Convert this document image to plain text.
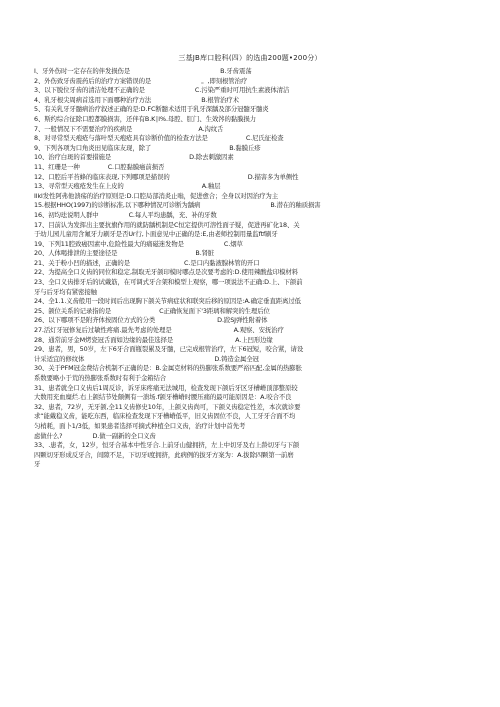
三基JB库口腔科(四）的选曲200题•200分）
I、牙外伤时一定存在的伴发损伤是	B.牙齿震荡
2、外伤致牙齿震药后的治疗方案错误的是	。,即刻根管治疗
3、以下脱位牙齿的清洁处理不正确的是	C.污染严重时可用抗生素液体清洁
4、乳牙根尖周病首选用下面哪种治疗方法	B.根管治疗术
5、有关乳牙牙髓病治疗叙述正确的是:D.FC断髓术适用于乳牙深龋及部分冠髓牙髓炎
6、斯约综合征除口腔都膜损害，还伴有B.K∣l%.母腔、肛门、生效涔的黏膜损力
7、一般情况下不需要治疗的疾病是	A.沟纹舌
8、对寻常型天疱疮与落叶型天疱疮具有诊断价值的检查方法是	C.尼氏征检查
9、下列各项为口角炎田见临床友现，除了	B.黏膜丘疹
10、治疗白斑的首要措施是	D.除去刺激因素
11、红珊是一种	C.口腔黏膜癌前损否
12、口腔后平苔蜂的临床表现,下列哪项是描误的	D.描害多为单侧性
13、寻常型天疱疮发生在上皮的	A.釉层
Ilkl发性阿弗他溃疡的治疗原则是:D.口腔局部消炎止嗡，促进愈合；全身以对因治疗为主
15.根据HHO(1997)的诊断标准,以下哪种情况可诊断为龋病	B.潜在的釉质损害
16、初均珐说明人群中	C.每人平均患龋，充、补的牙数
17、目前认为发挥出主要抗旗作用的就防龋机制是C恒定提供可溶性面子疑，促进再矿化18、关
于幼儿园儿童用含氟牙力刷牙是否Ur行,卜面意见中正确的是:E,由老师控制用量监ftf刷牙
19、下列11腔致癌因素中,危险性最大的痛磁迷发物是	C.烟草
20、人体喝排泄的主要途径是	B.肾脏
21、关于粉小凹的描述，正确的是	C.是口内黏液腺林管的开口
22、为提高全口义齿的同位和稳定,制取无牙颌印模时哪点是次要考虑的:D.使用辣酸盐印模材料
23、全口义齿排牙后的试戴筋，在可调式牙合架和模型上观察，哪一项说法不正确:D.上、下颌前
牙与后牙均有紧密接触
24、全1.1.义齿般用一段时间后出现胸下颌关节病症状和联突后移的原因是:A.确定垂直距离过低
25、颌位关系的记录指的是	C正确恢复面下'3距璃和解突的生理后位
26、以下哪项不是附齐体按固位方式的分类	D.跤SJ弹性附着体
27.活灯牙冠修复后过敏性疼痛.最先考虑的处理是	A.观察、安抚治疗
28、通常前牙金M烤瓷冠舌面如边缘的最佳选择是	A.上凹形边缘
29、患者，男，50岁，左下6牙合面瓶裂累及牙髓，已完成根管治疗，左下6冠短，咬合紧，请设
计采适宜的修纹体	D.铸造金属全冠
30、关于PFM冠金费结合机制不正确的是：B.金属克材料的热膨张系数要严裕匹配,金属的热膨胀
系数要略小于荒的热膨张系数时有利于金箱结合
31、患者就全口义齿后1周反诊，诉牙床疼痛无法城用，检查发现下颌后牙区牙槽嵴顶部整原较
大数用充血糜烂.右上颌结节处颇侧有一溃场.f颌牙槽嵴时腰压痛的最可能原因是：A.咬合不良
32、患者，72岁，无牙颌,全11义齿修史10年，上颌义齿尚可，下颌义齿稳定性差，本次就诊要
求“能戴稳义齿，能吃东西，临床检查发现下牙槽嵴低平，旧义齿固位不良，人工牙牙合面不均
匀梢耗，面卜1/3低，如果患者选择可摘式种植全口义齿，治疗计划中首先考
虑做什么?	D.做一副新的全口义齿
33、.患者，女，12岁，恒牙合基本中性牙合.上前牙山健拥挤，左上中切牙及右上龄切牙与下颌
四颗切牙形成反牙合，间隙不足，下切牙Ⅰ度拥挤，此病例的拔牙方案为：A.拔除四颗第一前磨
牙
